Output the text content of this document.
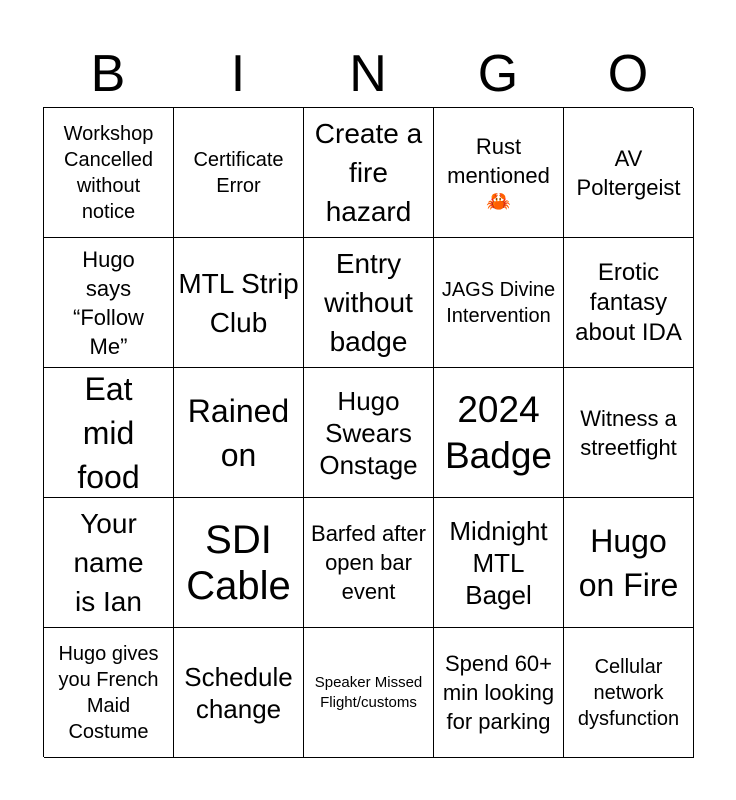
B	I	N	G	O
Workshop Cancelled without notice
Certificate Error
Create a fire hazard
Rust mentioned
🦀
AV Poltergeist
Hugo says “Follow Me”
MTL Strip Club
Entry without badge
JAGS Divine Intervention
Erotic fantasy about IDA
Eat mid food
Rained on
Hugo Swears Onstage
2024 Badge
Witness a streetfight
Your name is Ian
SDI Cable
Barfed after open bar event
Midnight MTL Bagel
Hugo on Fire
Hugo gives you French Maid Costume
Schedule change
Speaker Missed Flight/customs
Spend 60+ min looking for parking
Cellular network dysfunction
